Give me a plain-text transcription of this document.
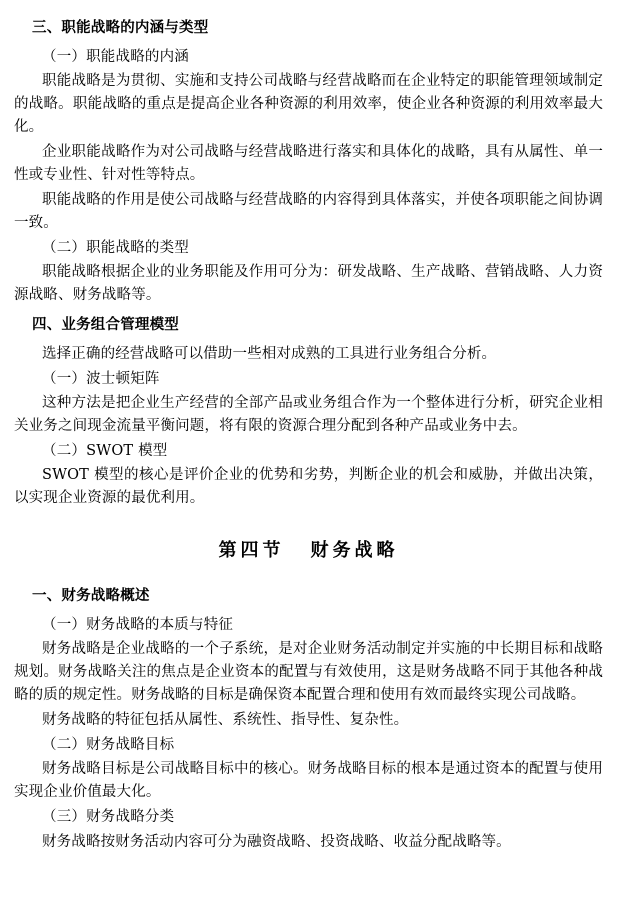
三、职能战略的内涵与类型

（一）职能战略的内涵

职能战略是为贯彻、实施和支持公司战略与经营战略而在企业特定的职能管理领域制定的战略。职能战略的重点是提高企业各种资源的利用效率，使企业各种资源的利用效率最大化。

企业职能战略作为对公司战略与经营战略进行落实和具体化的战略，具有从属性、单一性或专业性、针对性等特点。

职能战略的作用是使公司战略与经营战略的内容得到具体落实，并使各项职能之间协调一致。

（二）职能战略的类型

职能战略根据企业的业务职能及作用可分为：研发战略、生产战略、营销战略、人力资源战略、财务战略等。

四、业务组合管理模型

选择正确的经营战略可以借助一些相对成熟的工具进行业务组合分析。

（一）波士顿矩阵

这种方法是把企业生产经营的全部产品或业务组合作为一个整体进行分析，研究企业相关业务之间现金流量平衡问题，将有限的资源合理分配到各种产品或业务中去。

（二）SWOT 模型

SWOT 模型的核心是评价企业的优势和劣势，判断企业的机会和威胁，并做出决策，以实现企业资源的最优利用。

第四节 财务战略
一、财务战略概述

（一）财务战略的本质与特征

财务战略是企业战略的一个子系统，是对企业财务活动制定并实施的中长期目标和战略规划。财务战略关注的焦点是企业资本的配置与有效使用，这是财务战略不同于其他各种战略的质的规定性。财务战略的目标是确保资本配置合理和使用有效而最终实现公司战略。

财务战略的特征包括从属性、系统性、指导性、复杂性。

（二）财务战略目标

财务战略目标是公司战略目标中的核心。财务战略目标的根本是通过资本的配置与使用实现企业价值最大化。

（三）财务战略分类

财务战略按财务活动内容可分为融资战略、投资战略、收益分配战略等。
